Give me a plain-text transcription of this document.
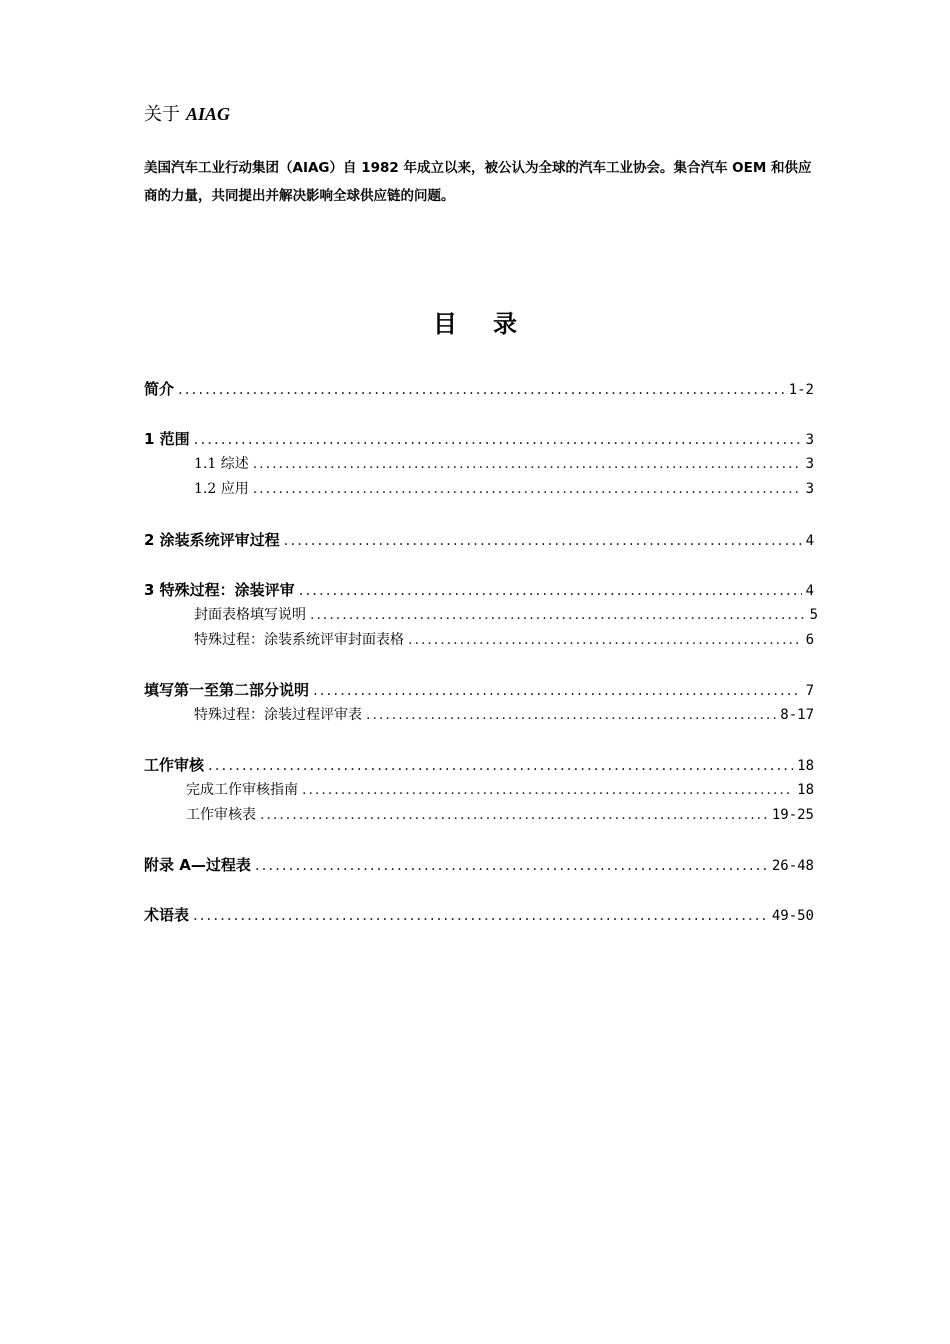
关于 AIAG
美国汽车工业行动集团（AIAG）自 1982 年成立以来，被公认为全球的汽车工业协会。集合汽车 OEM 和供应商的力量，共同提出并解决影响全球供应链的问题。
目录
简介 .....	1-2
1 范围 .....	3
1.1 综述 .....	3
1.2 应用 .....	3
2 涂装系统评审过程 .....	4
3 特殊过程：涂装评审 .....	4
封面表格填写说明 .....	5
特殊过程：涂装系统评审封面表格 .....	6
填写第一至第二部分说明 .....	7
特殊过程：涂装过程评审表 .....	8-17
工作审核 .....	18
完成工作审核指南 .....	18
工作审核表 .....	19-25
附录 A—过程表 .....	26-48
术语表 .....	49-50
